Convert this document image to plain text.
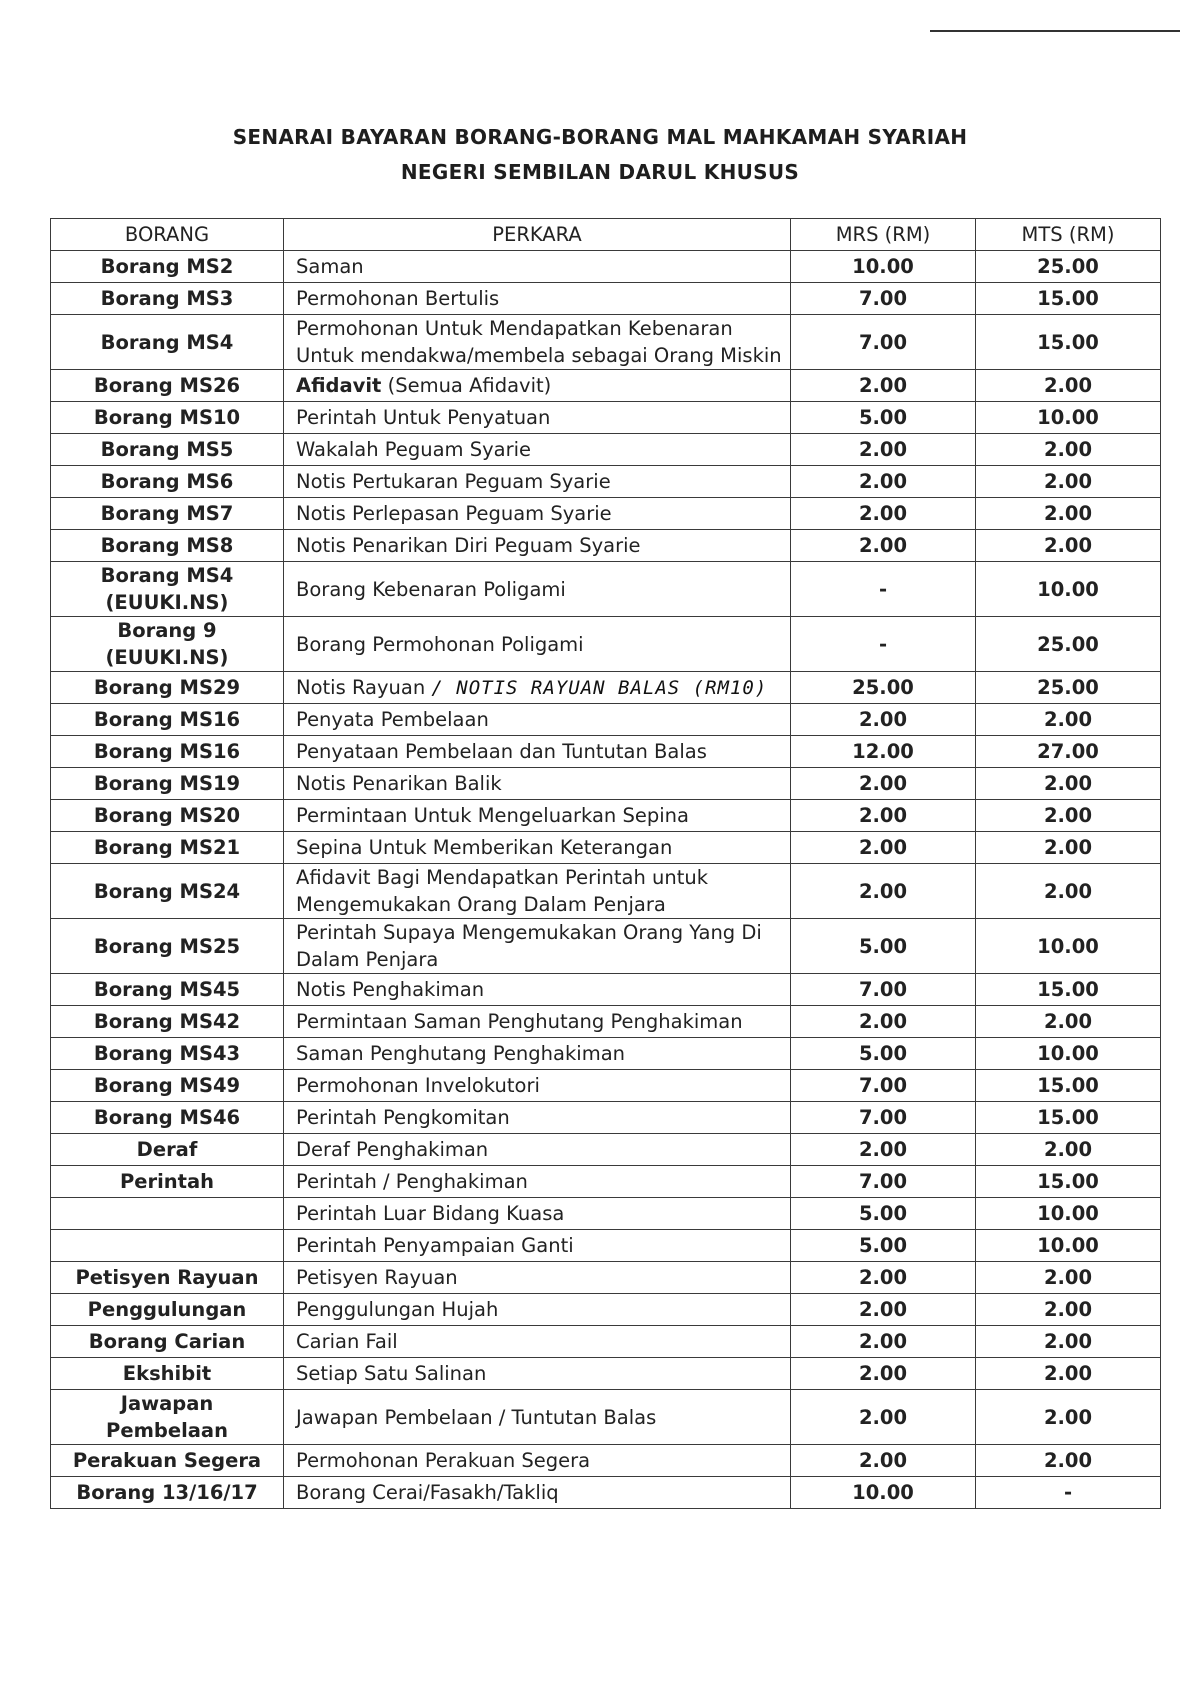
SENARAI BAYARAN BORANG-BORANG MAL MAHKAMAH SYARIAH
NEGERI SEMBILAN DARUL KHUSUS
BORANG	PERKARA	MRS (RM)	MTS (RM)
Borang MS2	Saman	10.00	25.00
Borang MS3	Permohonan Bertulis	7.00	15.00
Borang MS4	Permohonan Untuk Mendapatkan Kebenaran Untuk mendakwa/membela sebagai Orang Miskin	7.00	15.00
Borang MS26	Afidavit (Semua Afidavit)	2.00	2.00
Borang MS10	Perintah Untuk Penyatuan	5.00	10.00
Borang MS5	Wakalah Peguam Syarie	2.00	2.00
Borang MS6	Notis Pertukaran Peguam Syarie	2.00	2.00
Borang MS7	Notis Perlepasan Peguam Syarie	2.00	2.00
Borang MS8	Notis Penarikan Diri Peguam Syarie	2.00	2.00
Borang MS4 (EUUKI.NS)	Borang Kebenaran Poligami	-	10.00
Borang 9 (EUUKI.NS)	Borang Permohonan Poligami	-	25.00
Borang MS29	Notis Rayuan / NOTIS RAYUAN BALAS (RM10)	25.00	25.00
Borang MS16	Penyata Pembelaan	2.00	2.00
Borang MS16	Penyataan Pembelaan dan Tuntutan Balas	12.00	27.00
Borang MS19	Notis Penarikan Balik	2.00	2.00
Borang MS20	Permintaan Untuk Mengeluarkan Sepina	2.00	2.00
Borang MS21	Sepina Untuk Memberikan Keterangan	2.00	2.00
Borang MS24	Afidavit Bagi Mendapatkan Perintah untuk Mengemukakan Orang Dalam Penjara	2.00	2.00
Borang MS25	Perintah Supaya Mengemukakan Orang Yang Di Dalam Penjara	5.00	10.00
Borang MS45	Notis Penghakiman	7.00	15.00
Borang MS42	Permintaan Saman Penghutang Penghakiman	2.00	2.00
Borang MS43	Saman Penghutang Penghakiman	5.00	10.00
Borang MS49	Permohonan Invelokutori	7.00	15.00
Borang MS46	Perintah Pengkomitan	7.00	15.00
Deraf	Deraf Penghakiman	2.00	2.00
Perintah	Perintah / Penghakiman	7.00	15.00
	Perintah Luar Bidang Kuasa	5.00	10.00
	Perintah Penyampaian Ganti	5.00	10.00
Petisyen Rayuan	Petisyen Rayuan	2.00	2.00
Penggulungan	Penggulungan Hujah	2.00	2.00
Borang Carian	Carian Fail	2.00	2.00
Ekshibit	Setiap Satu Salinan	2.00	2.00
Jawapan Pembelaan	Jawapan Pembelaan / Tuntutan Balas	2.00	2.00
Perakuan Segera	Permohonan Perakuan Segera	2.00	2.00
Borang 13/16/17	Borang Cerai/Fasakh/Takliq	10.00	-
